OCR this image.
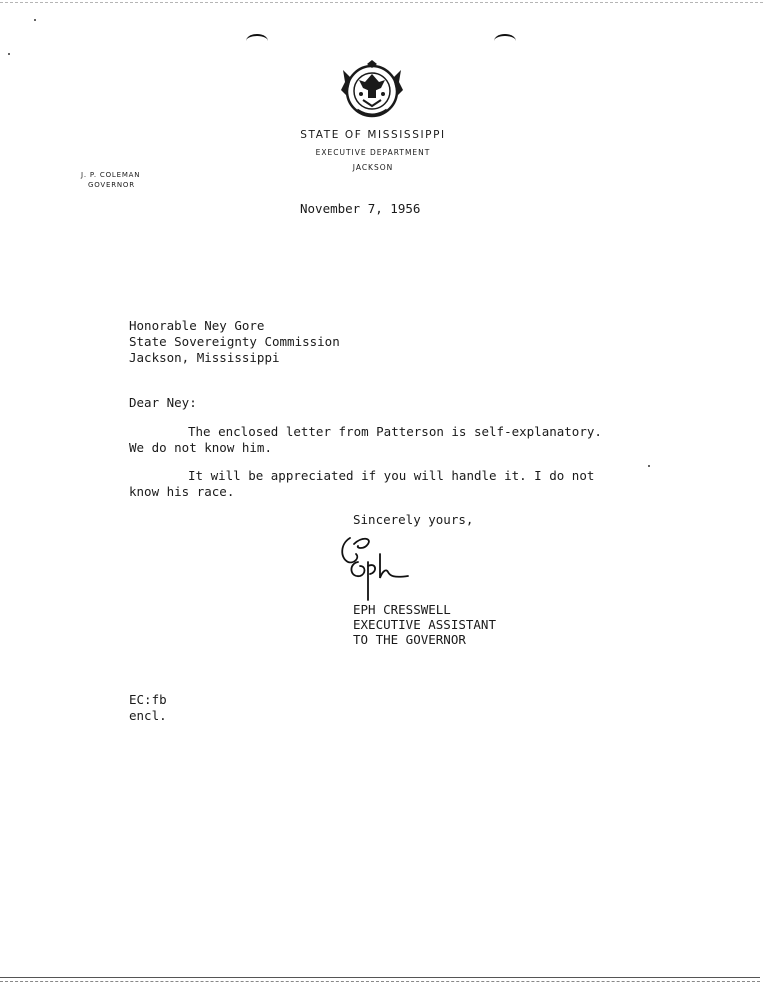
STATE OF MISSISSIPPI
EXECUTIVE DEPARTMENT
JACKSON
J. P. COLEMAN
GOVERNOR
November 7, 1956
Honorable Ney Gore
State Sovereignty Commission
Jackson, Mississippi
Dear Ney:
The enclosed letter from Patterson is self-explanatory.
We do not know him.
It will be appreciated if you will handle it. I do not
know his race.
Sincerely yours,
EPH CRESSWELL
EXECUTIVE ASSISTANT
TO THE GOVERNOR
EC:fb
encl.
